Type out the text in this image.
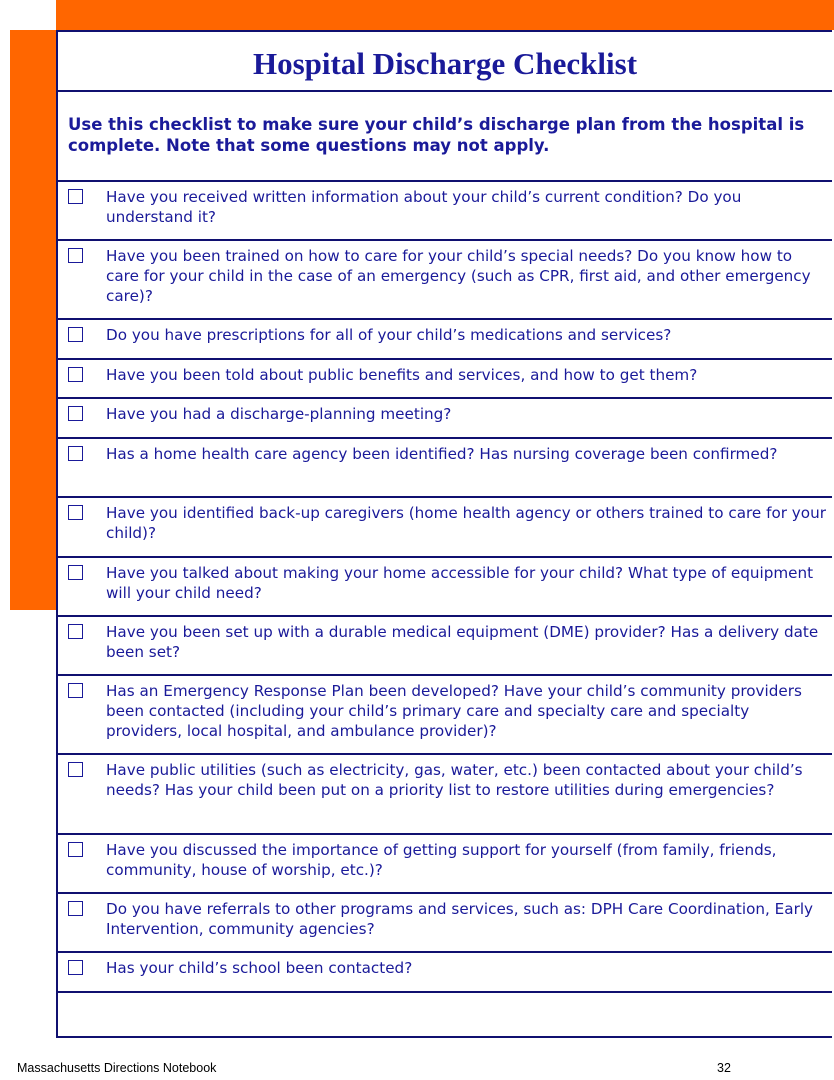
Hospital Discharge Checklist
Use this checklist to make sure your child’s discharge plan from the hospital is complete. Note that some questions may not apply.
Have you received written information about your child’s current condition? Do you understand it?
Have you been trained on how to care for your child’s special needs? Do you know how to care for your child in the case of an emergency (such as CPR, first aid, and other emergency care)?
Do you have prescriptions for all of your child’s medications and services?
Have you been told about public benefits and services, and how to get them?
Have you had a discharge-planning meeting?
Has a home health care agency been identified? Has nursing coverage been confirmed?
Have you identified back-up caregivers (home health agency or others trained to care for your child)?
Have you talked about making your home accessible for your child? What type of equipment will your child need?
Have you been set up with a durable medical equipment (DME) provider? Has a delivery date been set?
Has an Emergency Response Plan been developed? Have your child’s community providers been contacted (including your child’s primary care and specialty care and specialty providers, local hospital, and ambulance provider)?
Have public utilities (such as electricity, gas, water, etc.) been contacted about your child’s needs? Has your child been put on a priority list to restore utilities during emergencies?
Have you discussed the importance of getting support for yourself (from family, friends, community, house of worship, etc.)?
Do you have referrals to other programs and services, such as: DPH Care Coordination, Early Intervention, community agencies?
Has your child’s school been contacted?
Massachusetts Directions Notebook	32
